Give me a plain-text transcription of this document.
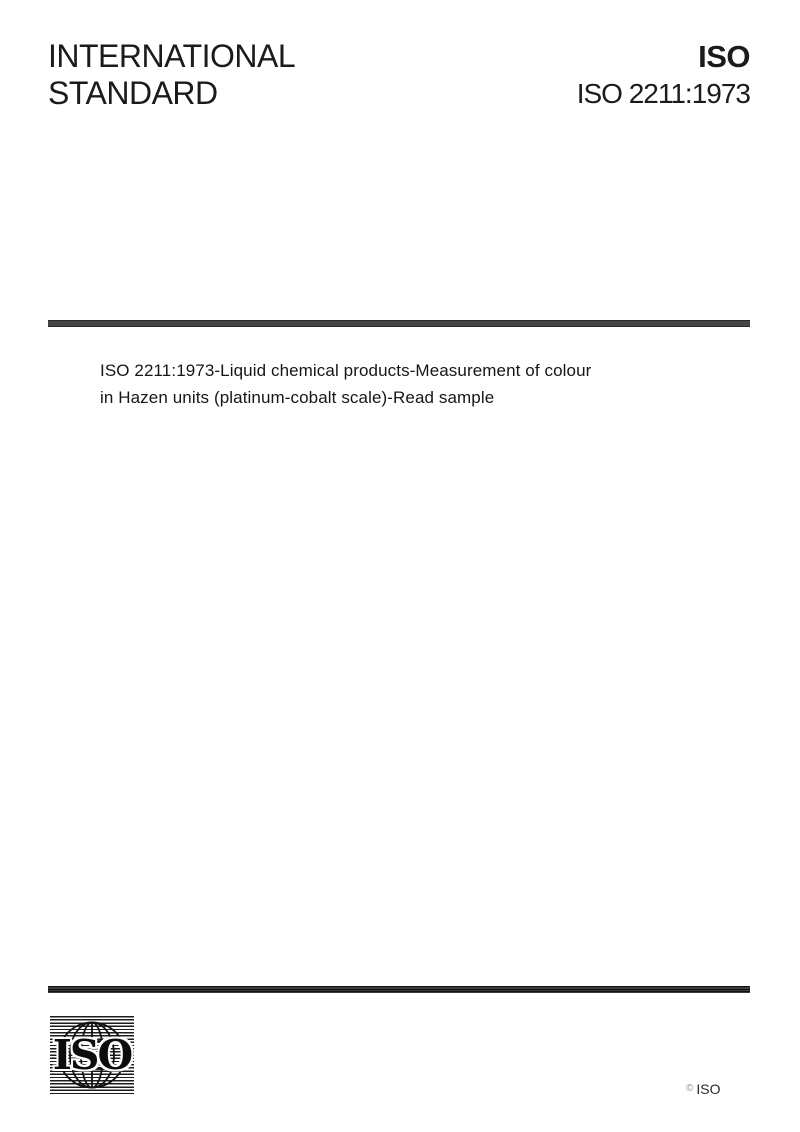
INTERNATIONAL
STANDARD
ISO
ISO 2211:1973

ISO 2211:1973-Liquid chemical products-Measurement of colour
in Hazen units (platinum-cobalt scale)-Read sample

ISO
© ISO
